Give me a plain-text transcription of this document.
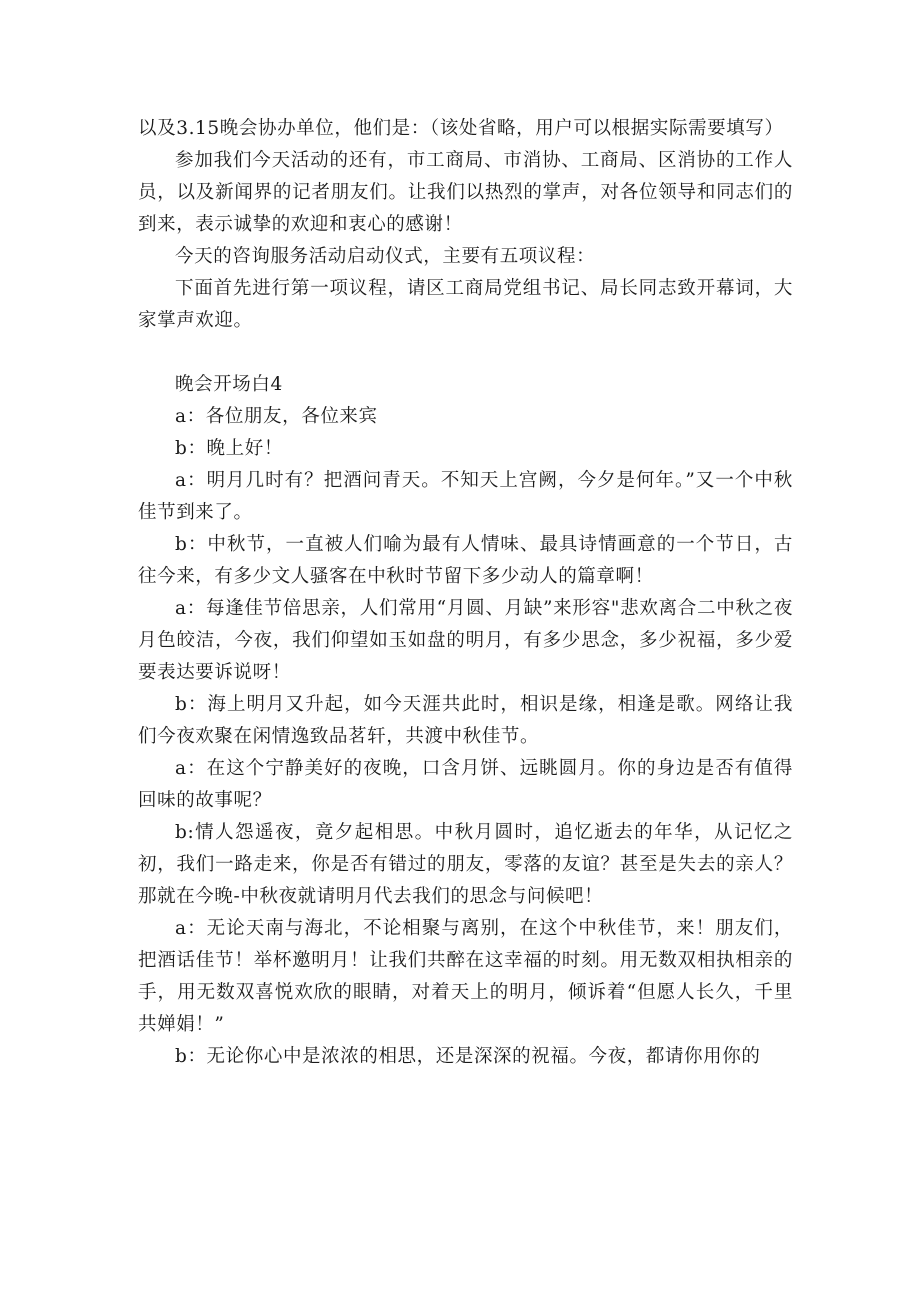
以及3.15晚会协办单位，他们是：（该处省略，用户可以根据实际需要填写）

参加我们今天活动的还有，市工商局、市消协、工商局、区消协的工作人员，以及新闻界的记者朋友们。让我们以热烈的掌声，对各位领导和同志们的到来，表示诚挚的欢迎和衷心的感谢！

今天的咨询服务活动启动仪式，主要有五项议程：

下面首先进行第一项议程，请区工商局党组书记、局长同志致开幕词，大家掌声欢迎。

晚会开场白4

a：各位朋友，各位来宾

b：晚上好！

a：明月几时有？把酒问青天。不知天上宫阙，今夕是何年。”又一个中秋佳节到来了。

b：中秋节，一直被人们喻为最有人情味、最具诗情画意的一个节日，古往今来，有多少文人骚客在中秋时节留下多少动人的篇章啊！

a：每逢佳节倍思亲，人们常用“月圆、月缺”来形容"悲欢离合二中秋之夜月色皎洁，今夜，我们仰望如玉如盘的明月，有多少思念，多少祝福，多少爱要表达要诉说呀！

b：海上明月又升起，如今天涯共此时，相识是缘，相逢是歌。网络让我们今夜欢聚在闲情逸致品茗轩，共渡中秋佳节。

a：在这个宁静美好的夜晚，口含月饼、远眺圆月。你的身边是否有值得回味的故事呢？

b:情人怨遥夜，竟夕起相思。中秋月圆时，追忆逝去的年华，从记忆之初，我们一路走来，你是否有错过的朋友，零落的友谊？甚至是失去的亲人？那就在今晚-中秋夜就请明月代去我们的思念与问候吧！

a：无论天南与海北，不论相聚与离别，在这个中秋佳节，来！朋友们，把酒话佳节！举杯邀明月！让我们共醉在这幸福的时刻。用无数双相执相亲的手，用无数双喜悦欢欣的眼睛，对着天上的明月，倾诉着“但愿人长久，千里共婵娟！”

b：无论你心中是浓浓的相思，还是深深的祝福。今夜，都请你用你的
